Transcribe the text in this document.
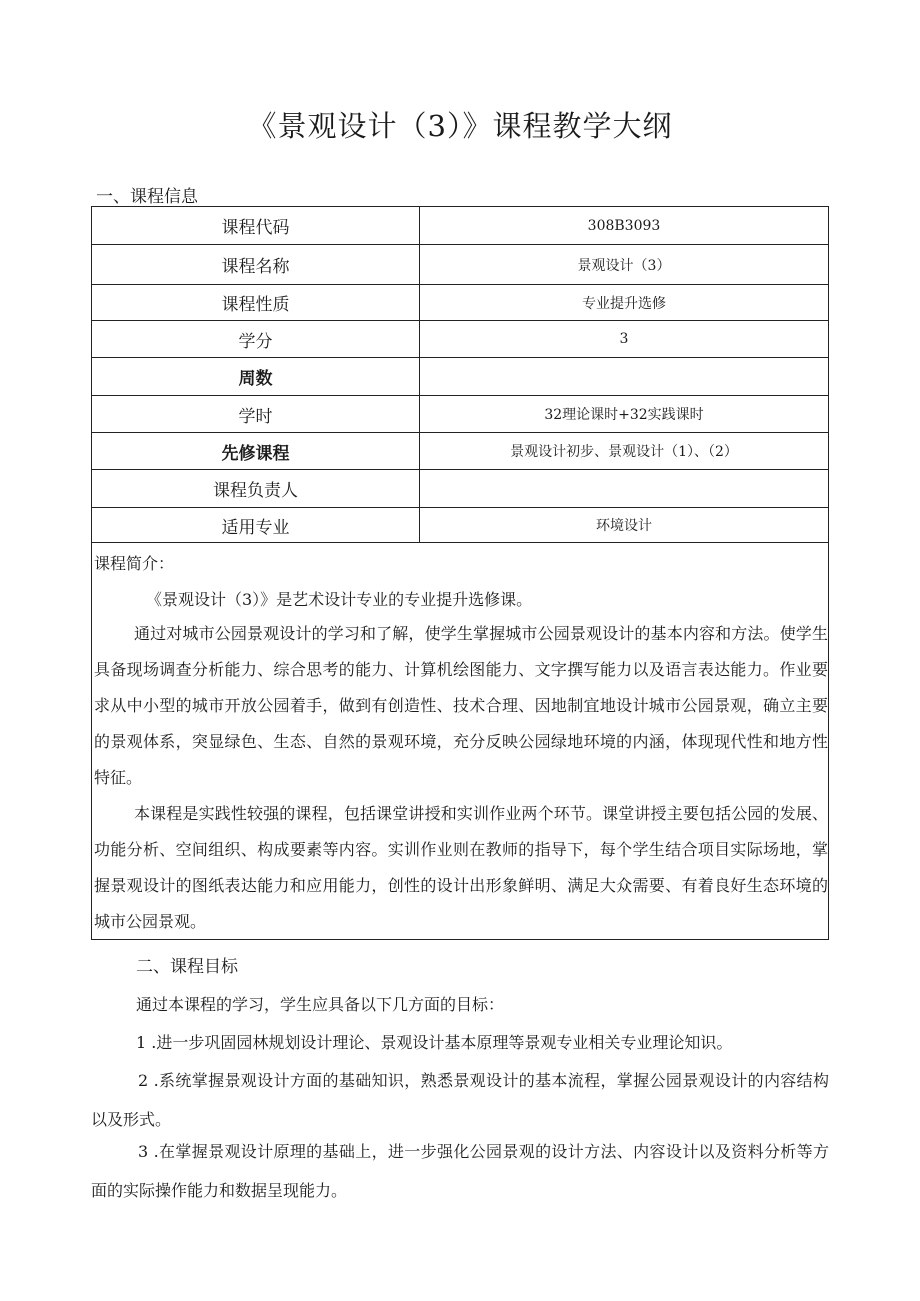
《景观设计（3）》课程教学大纲
一、课程信息
课程代码	308B3093
课程名称	景观设计（3）
课程性质	专业提升选修
学分	3
周数	
学时	32理论课时+32实践课时
先修课程	景观设计初步、景观设计（1）、（2）
课程负责人	
适用专业	环境设计
课程简介：

《景观设计（3）》是艺术设计专业的专业提升选修课。

通过对城市公园景观设计的学习和了解，使学生掌握城市公园景观设计的基本内容和方法。使学生具备现场调查分析能力、综合思考的能力、计算机绘图能力、文字撰写能力以及语言表达能力。作业要求从中小型的城市开放公园着手，做到有创造性、技术合理、因地制宜地设计城市公园景观，确立主要的景观体系，突显绿色、生态、自然的景观环境，充分反映公园绿地环境的内涵，体现现代性和地方性特征。

本课程是实践性较强的课程，包括课堂讲授和实训作业两个环节。课堂讲授主要包括公园的发展、功能分析、空间组织、构成要素等内容。实训作业则在教师的指导下，每个学生结合项目实际场地，掌握景观设计的图纸表达能力和应用能力，创性的设计出形象鲜明、满足大众需要、有着良好生态环境的城市公园景观。

二、课程目标

通过本课程的学习，学生应具备以下几方面的目标：

1 .进一步巩固园林规划设计理论、景观设计基本原理等景观专业相关专业理论知识。

2 .系统掌握景观设计方面的基础知识，熟悉景观设计的基本流程，掌握公园景观设计的内容结构以及形式。

3 .在掌握景观设计原理的基础上，进一步强化公园景观的设计方法、内容设计以及资料分析等方面的实际操作能力和数据呈现能力。
